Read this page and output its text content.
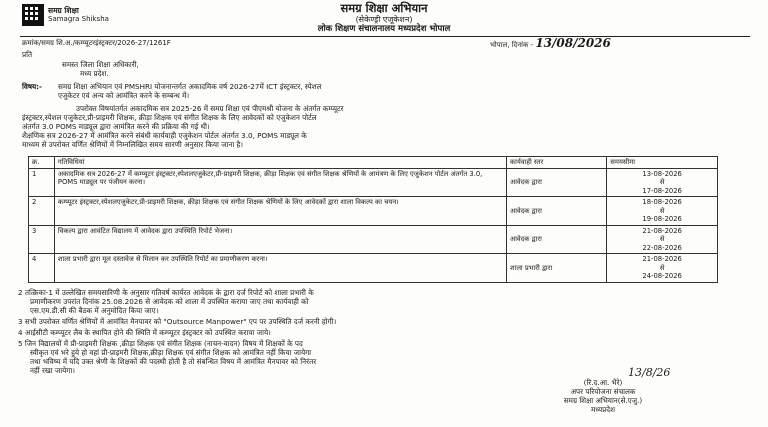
समग्र शिक्षा
Samagra Shiksha
समग्र शिक्षा अभियान
(सेकेण्ड्री एजूकेशन)
लोक शिक्षण संचालनालय मध्यप्रदेश भोपाल
क्रमांक/समग्र शि.अ./कम्प्यूटरइंस्ट्रक्टर/2026-27/1261F	भोपाल, दिनांक - 13/08/2026
प्रति
समस्त जिला शिक्षा अधिकारी,
मध्य प्रदेश.
विषय:- समग्र शिक्षा अभियान एवं PMSHRI योजनान्तर्गत अकादमिक वर्ष 2026-27में ICT इंस्ट्रक्टर, स्पेशल
एजुकेटर एवं अन्य को आमंत्रित करने के सम्बन्ध में।
उपरोक्त विषयांतर्गत अकादमिक सत्र 2025-26 में समग्र शिक्षा एवं पीएमश्री योजना के अंतर्गत कम्प्यूटर
इंस्ट्रक्टर,स्पेशल एजुकेटर,प्री-प्राइमरी शिक्षक, क्रीड़ा शिक्षक एवं संगीत शिक्षक के लिए आवेदकों को एजुकेशन पोर्टल
अंतर्गत 3.0 POMS माड्यूल द्वारा आमंत्रित करने की प्रक्रिया की गई थी।
शैक्षणिक सत्र 2026-27 में आमंत्रित करने संबंधी कार्यवाही एजुकेशन पोर्टल अंतर्गत 3.0, POMS माड्यूल के
माध्यम से उपरोक्त वर्णित श्रेणियों में निम्नलिखित समय सारणी अनुसार किया जाना है।
क्र.	गतिविधियां	कार्यवाही स्तर	समयसीमा
1	अकादमिक सत्र 2026-27 में कम्प्यूटर इंस्ट्रक्टर,स्पेशलएजुकेटर,प्री-प्राइमरी शिक्षक, क्रीड़ा शिक्षक एवं संगीत शिक्षक श्रेणियों के आमंत्रण के लिए एजुकेशन पोर्टल अंतर्गत 3.0, POMS माड्यूल पर पंजीयन करना।	आवेदक द्वारा	13-08-2026
से
17-08-2026

2	कम्प्यूटर इंस्ट्रक्टर,स्पेशलएजुकेटर,प्री-प्राइमरी शिक्षक, क्रीड़ा शिक्षक एवं संगीत शिक्षक श्रेणियों के लिए आवेदकों द्वारा शाला विकल्प का चयन।	आवेदक द्वारा	18-08-2026
से
19-08-2026

3	विकल्प द्वारा आवंटित विद्यालय में आवेदक द्वारा उपस्थिति रिपोर्ट भेजना।	आवेदक द्वारा	21-08-2026
से
22-08-2026

4	शाला प्रभारी द्वारा मूल दस्तावेज से मिलान कर उपस्थिति रिपोर्ट का प्रमाणीकरण करना।	शाला प्रभारी द्वारा	21-08-2026
से
24-08-2026
2 तत्क्रिका-1 में उल्लेखित समयसारिणी के अनुसार गतिवर्ष कार्यरत आवेदक के द्वारा दर्ज रिपोर्ट को शाला प्रभारी के
प्रमाणीकरण उपरांत दिनांक 25.08.2026 से आवेदक को शाला में उपस्थित कराया जाए तथा कार्यवाही को
एस.एम.डी.सी की बैठक में अनुमोदित किया जाए।
3 सभी उपरोक्त वर्णित श्रेणियों में आमंत्रित मैनपावर को "Outsource Manpower" एप पर उपस्थिति दर्ज करनी होगी।
4 आईसीटी कम्प्यूटर लैब के स्थापित होने की स्थिति में कम्प्यूटर इंस्ट्रक्टर को उपस्थित कराया जाये।
5 जिन विद्यालयों में प्री-प्राइमरी शिक्षक ,क्रीड़ा शिक्षक एवं संगीत शिक्षक (नाचन-वादन) विषय में शिक्षकों के पद
स्वीकृत एवं भरे हुये हो वहां प्री-प्राइमरी शिक्षक,क्रीड़ा शिक्षक एवं संगीत शिक्षक को आमंत्रित नहीं किया जायेगा
तथा भविष्य में यदि उक्त श्रेणी के शिक्षकों की पदस्थी होती है तो संबन्धित विषय में आमंत्रित मैनपावर को निरंतर
नहीं रखा जायेगा।	13/8/26
(रि.द.आ. भैरे)
अपर परियोजना संचालक
समग्र शिक्षा अभियान(से.एजु.)
मध्यप्रदेश
